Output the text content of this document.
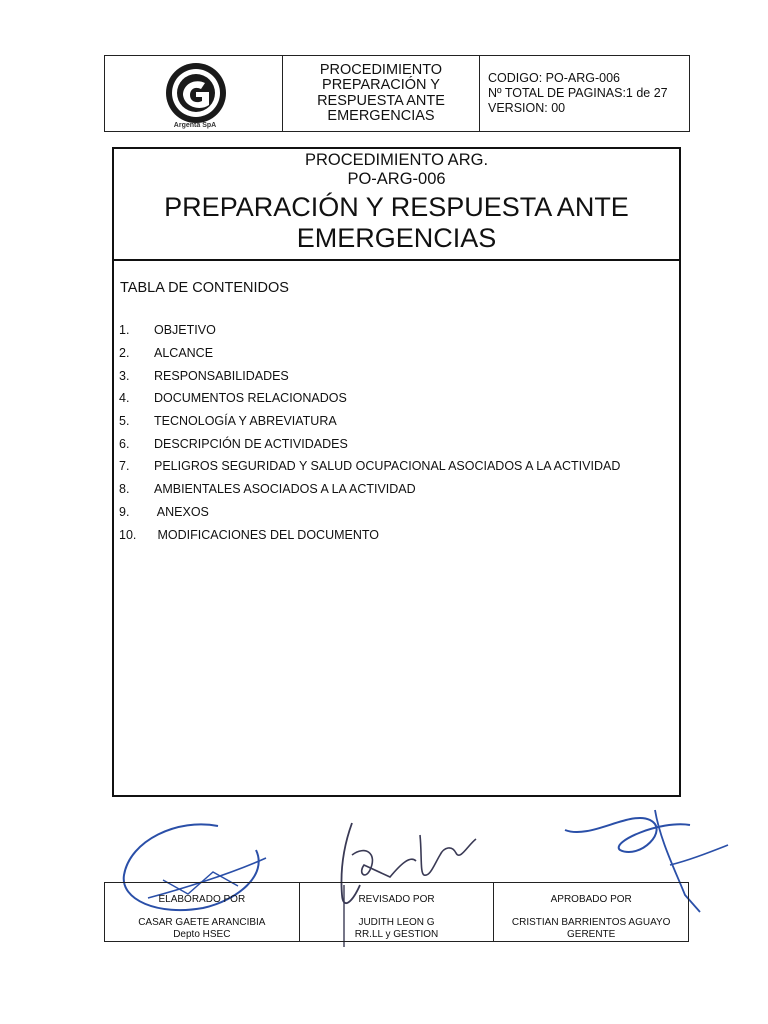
Argenta SpA
PROCEDIMIENTO
PREPARACIÓN Y
RESPUESTA ANTE
EMERGENCIAS
CODIGO: PO-ARG-006
Nº TOTAL DE PAGINAS:1 de 27
VERSION: 00
PROCEDIMIENTO ARG.
PO-ARG-006
PREPARACIÓN Y RESPUESTA ANTE
EMERGENCIAS
TABLA DE CONTENIDOS
1.	OBJETIVO
2.	ALCANCE
3.	RESPONSABILIDADES
4.	DOCUMENTOS RELACIONADOS
5.	TECNOLOGÍA Y ABREVIATURA
6.	DESCRIPCIÓN DE ACTIVIDADES
7.	PELIGROS SEGURIDAD Y SALUD OCUPACIONAL ASOCIADOS A LA ACTIVIDAD
8.	AMBIENTALES ASOCIADOS A LA ACTIVIDAD
9.	ANEXOS
10.	MODIFICACIONES DEL DOCUMENTO
ELABORADO POR
CASAR GAETE ARANCIBIA
Depto HSEC
REVISADO POR
JUDITH LEON G
RR.LL y GESTION
APROBADO POR
CRISTIAN BARRIENTOS AGUAYO
GERENTE
